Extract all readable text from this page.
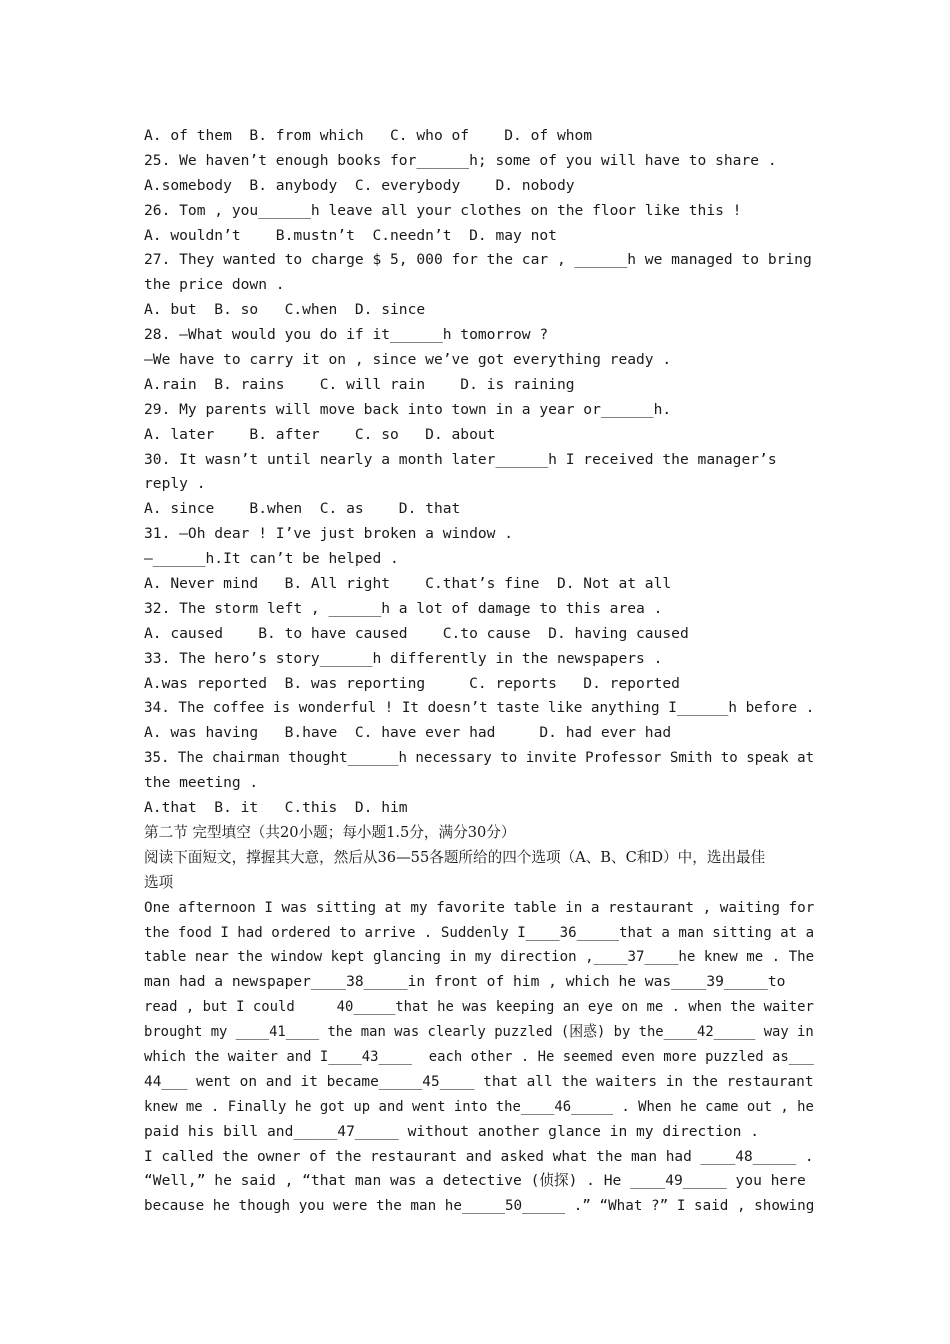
A. of them  B. from which   C. who of    D. of whom
25. We haven’t enough books for______h; some of you will have to share .
A.somebody  B. anybody  C. everybody    D. nobody
26. Tom , you______h leave all your clothes on the floor like this !
A. wouldn’t    B.mustn’t  C.needn’t  D. may not
27. They wanted to charge $ 5, 000 for the car , ______h we managed to bring
the price down .
A. but  B. so   C.when  D. since
28. —What would you do if it______h tomorrow ?
—We have to carry it on , since we’ve got everything ready .
A.rain  B. rains    C. will rain    D. is raining
29. My parents will move back into town in a year or______h.
A. later    B. after    C. so   D. about
30. It wasn’t until nearly a month later______h I received the manager’s
reply .
A. since    B.when  C. as    D. that
31. —Oh dear ! I’ve just broken a window .
—______h.It can’t be helped .
A. Never mind   B. All right    C.that’s fine  D. Not at all
32. The storm left , ______h a lot of damage to this area .
A. caused    B. to have caused    C.to cause  D. having caused
33. The hero’s story______h differently in the newspapers .
A.was reported  B. was reporting     C. reports   D. reported
34. The coffee is wonderful ! It doesn’t taste like anything I______h before .
A. was having   B.have  C. have ever had     D. had ever had
35. The chairman thought______h necessary to invite Professor Smith to speak at
the meeting .
A.that  B. it   C.this  D. him
第二节 完型填空（共20小题；每小题1.5分，满分30分）
阅读下面短文，撑握其大意，然后从36—55各题所给的四个选项（A、B、C和D）中，选出最佳
选项
One afternoon I was sitting at my favorite table in a restaurant , waiting for
the food I had ordered to arrive . Suddenly I____36_____that a man sitting at a
table near the window kept glancing in my direction ,____37____he knew me . The
man had a newspaper____38_____in front of him , which he was____39_____to
read , but I could     40_____that he was keeping an eye on me . when the waiter
brought my ____41____ the man was clearly puzzled (困惑) by the____42_____ way in
which the waiter and I____43____  each other . He seemed even more puzzled as___
44___ went on and it became_____45____ that all the waiters in the restaurant
knew me . Finally he got up and went into the____46_____ . When he came out , he
paid his bill and_____47_____ without another glance in my direction .
I called the owner of the restaurant and asked what the man had ____48_____ .
“Well,” he said , “that man was a detective (侦探) . He ____49_____ you here
because he though you were the man he_____50_____ .” “What ?” I said , showing
